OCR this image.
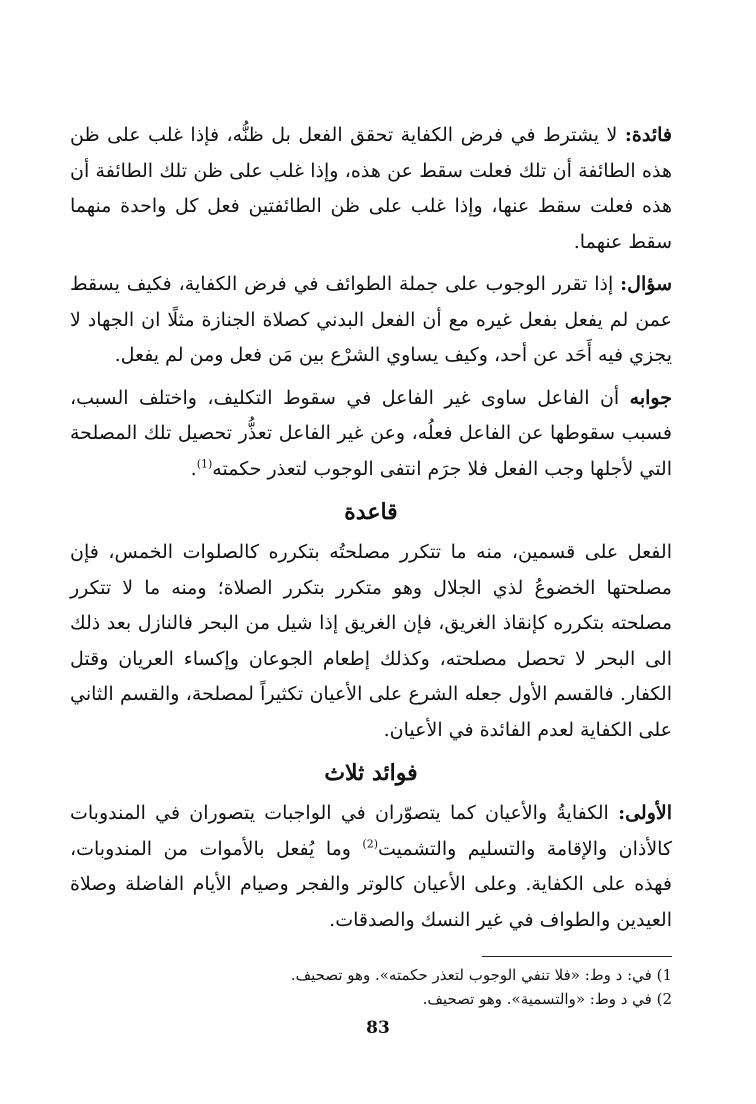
فائدة: لا يشترط في فرض الكفاية تحقق الفعل بل ظنُّه، فإذا غلب على ظن هذه الطائفة أن تلك فعلت سقط عن هذه، وإذا غلب على ظن تلك الطائفة أن هذه فعلت سقط عنها، وإذا غلب على ظن الطائفتين فعل كل واحدة منهما سقط عنهما.

سؤال: إذا تقرر الوجوب على جملة الطوائف في فرض الكفاية، فكيف يسقط عمن لم يفعل بفعل غيره مع أن الفعل البدني كصلاة الجنازة مثلًا ان الجهاد لا يجزي فيه أَحَد عن أحد، وكيف يساوي الشرْع بين مَن فعل ومن لم يفعل.

جوابه أن الفاعل ساوى غير الفاعل في سقوط التكليف، واختلف السبب، فسبب سقوطها عن الفاعل فعلُه، وعن غير الفاعل تعذُّر تحصيل تلك المصلحة التي لأجلها وجب الفعل فلا جرَم انتفى الوجوب لتعذر حكمته$^{(1)}$.

قاعدة

الفعل على قسمين، منه ما تتكرر مصلحتُه بتكرره كالصلوات الخمس، فإن مصلحتها الخضوعُ لذي الجلال وهو متكرر بتكرر الصلاة؛ ومنه ما لا تتكرر مصلحته بتكرره كإنقاذ الغريق، فإن الغريق إذا شيل من البحر فالنازل بعد ذلك الى البحر لا تحصل مصلحته، وكذلك إطعام الجوعان وإكساء العريان وقتل الكفار. فالقسم الأول جعله الشرع على الأعيان تكثيراً لمصلحة، والقسم الثاني على الكفاية لعدم الفائدة في الأعيان.

فوائد ثلاث

الأولى: الكفايةُ والأعيان كما يتصوّران في الواجبات يتصوران في المندوبات كالأذان والإقامة والتسليم والتشميت$^{(2)}$ وما يُفعل بالأموات من المندوبات، فهذه على الكفاية. وعلى الأعيان كالوتر والفجر وصيام الأيام الفاضلة وصلاة العيدين والطواف في غير النسك والصدقات.

1) في: د وط: «فلا تنفي الوجوب لتعذر حكمته». وهو تصحيف.

2) في د وط: «والتسمية». وهو تصحيف.

83
